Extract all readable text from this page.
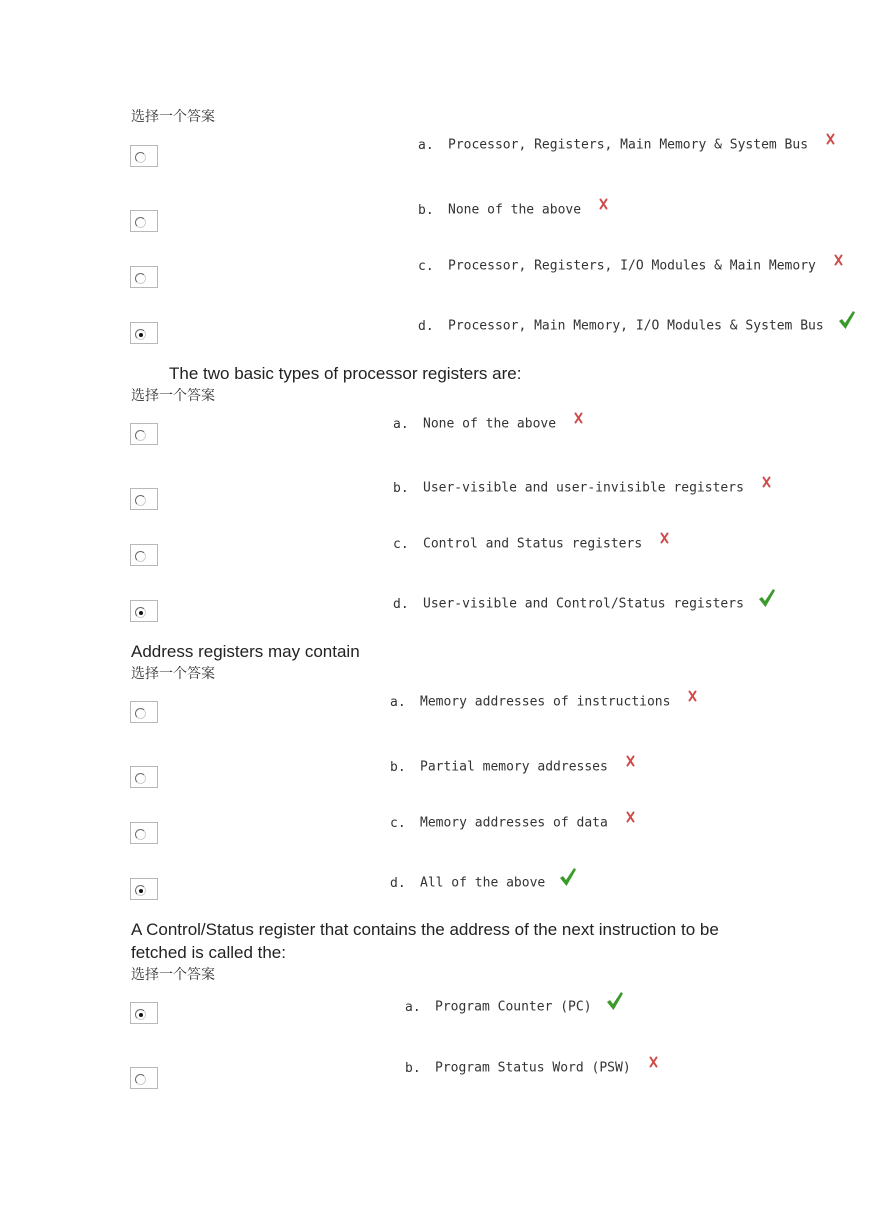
选择一个答案
a. Processor, Registers, Main Memory & System Bus
b. None of the above
c. Processor, Registers, I/O Modules & Main Memory
d. Processor, Main Memory, I/O Modules & System Bus
The two basic types of processor registers are:
选择一个答案
a. None of the above
b. User-visible and user-invisible registers
c. Control and Status registers
d. User-visible and Control/Status registers
Address registers may contain
选择一个答案
a. Memory addresses of instructions
b. Partial memory addresses
c. Memory addresses of data
d. All of the above
A Control/Status register that contains the address of the next instruction to be fetched is called the:
选择一个答案
a. Program Counter (PC)
b. Program Status Word (PSW)
